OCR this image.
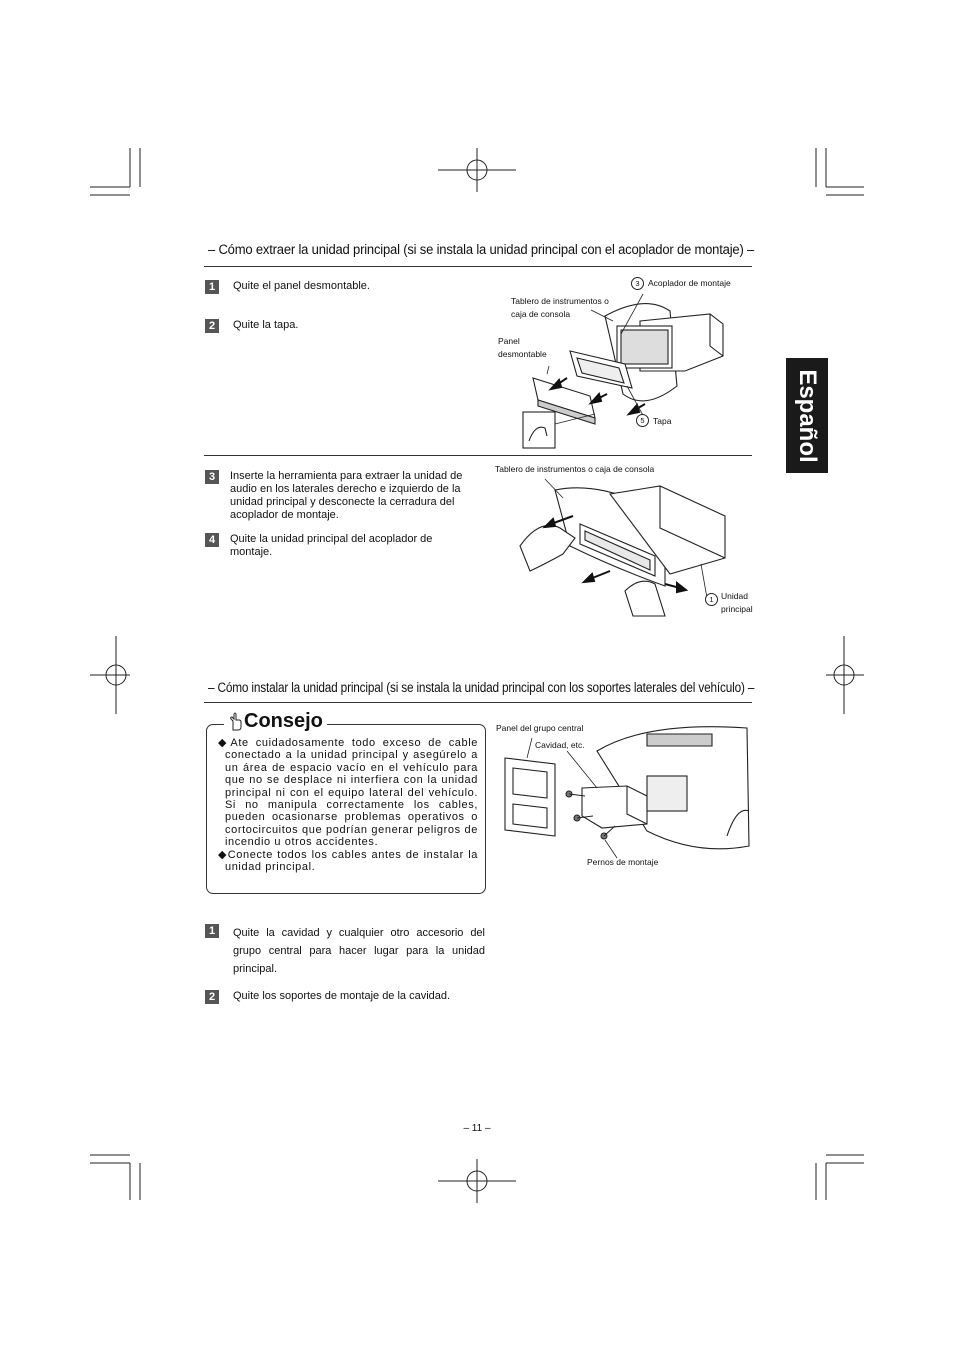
Español
– Cómo extraer la unidad principal (si se instala la unidad principal con el acoplador de montaje) –
1	Quite el panel desmontable.
2	Quite la tapa.
3 Acoplador de montaje
Tablero de instrumentos o caja de consola
Panel desmontable
5 Tapa
3	Inserte la herramienta para extraer la unidad de audio en los laterales derecho e izquierdo de la unidad principal y desconecte la cerradura del acoplador de montaje.
4	Quite la unidad principal del acoplador de montaje.
Tablero de instrumentos o caja de consola
1 Unidad principal
– Cómo instalar la unidad principal (si se instala la unidad principal con los soportes laterales del vehículo) –
Consejo

◆Ate cuidadosamente todo exceso de cable conectado a la unidad principal y asegúrelo a un área de espacio vacío en el vehículo para que no se desplace ni interfiera con la unidad principal ni con el equipo lateral del vehículo. Si no manipula correctamente los cables, pueden ocasionarse problemas operativos o cortocircuitos que podrían generar peligros de incendio u otros accidentes.

◆Conecte todos los cables antes de instalar la unidad principal.

Panel del grupo central
Cavidad, etc.
Pernos de montaje
1	Quite la cavidad y cualquier otro accesorio del grupo central para hacer lugar para la unidad principal.
2	Quite los soportes de montaje de la cavidad.
– 11 –
